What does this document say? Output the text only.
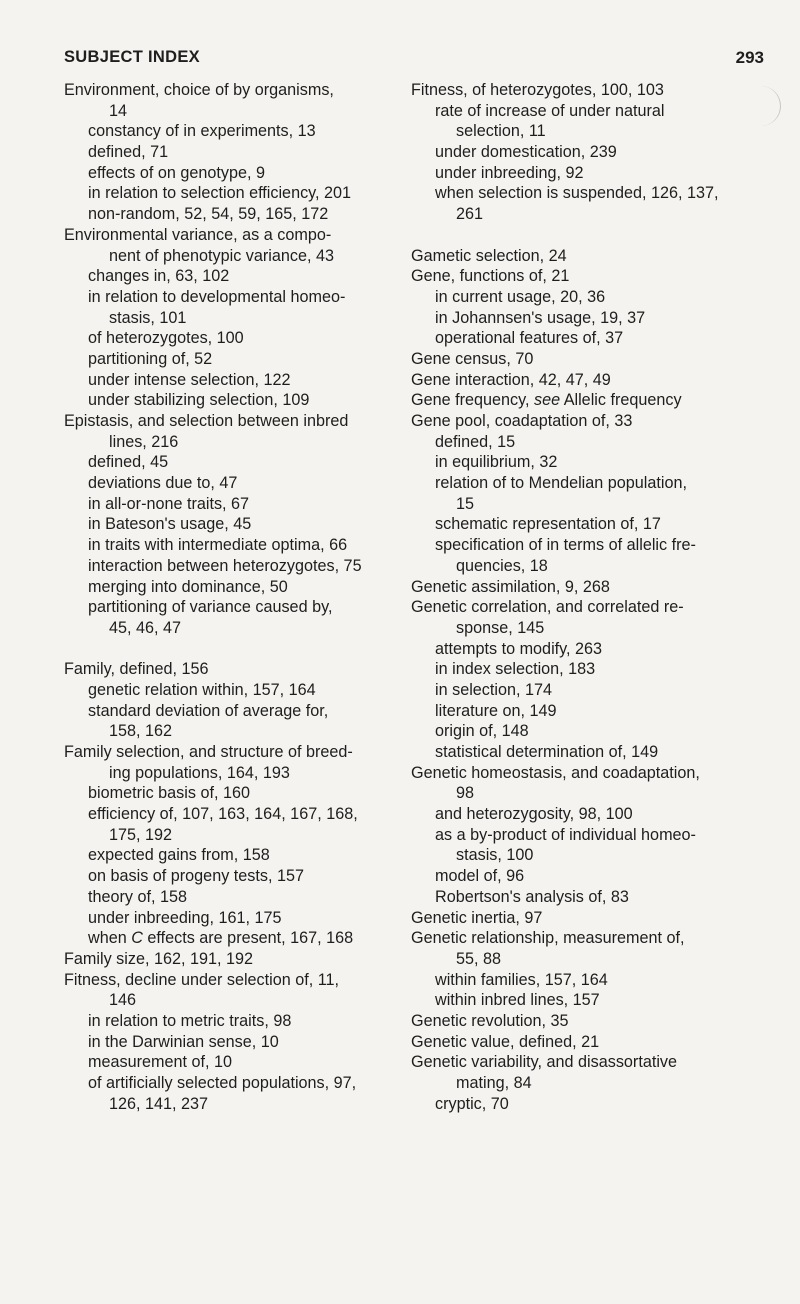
SUBJECT INDEX	293
Environment, choice of by organisms,
14
constancy of in experiments, 13
defined, 71
effects of on genotype, 9
in relation to selection efficiency, 201
non-random, 52, 54, 59, 165, 172
Environmental variance, as a compo-
nent of phenotypic variance, 43
changes in, 63, 102
in relation to developmental homeo-
stasis, 101
of heterozygotes, 100
partitioning of, 52
under intense selection, 122
under stabilizing selection, 109
Epistasis, and selection between inbred
lines, 216
defined, 45
deviations due to, 47
in all-or-none traits, 67
in Bateson's usage, 45
in traits with intermediate optima, 66
interaction between heterozygotes, 75
merging into dominance, 50
partitioning of variance caused by,
45, 46, 47
Family, defined, 156
genetic relation within, 157, 164
standard deviation of average for,
158, 162
Family selection, and structure of breed-
ing populations, 164, 193
biometric basis of, 160
efficiency of, 107, 163, 164, 167, 168,
175, 192
expected gains from, 158
on basis of progeny tests, 157
theory of, 158
under inbreeding, 161, 175
when C effects are present, 167, 168
Family size, 162, 191, 192
Fitness, decline under selection of, 11,
146
in relation to metric traits, 98
in the Darwinian sense, 10
measurement of, 10
of artificially selected populations, 97,
126, 141, 237
Fitness, of heterozygotes, 100, 103
rate of increase of under natural
selection, 11
under domestication, 239
under inbreeding, 92
when selection is suspended, 126, 137,
261
Gametic selection, 24
Gene, functions of, 21
in current usage, 20, 36
in Johannsen's usage, 19, 37
operational features of, 37
Gene census, 70
Gene interaction, 42, 47, 49
Gene frequency, see Allelic frequency
Gene pool, coadaptation of, 33
defined, 15
in equilibrium, 32
relation of to Mendelian population,
15
schematic representation of, 17
specification of in terms of allelic fre-
quencies, 18
Genetic assimilation, 9, 268
Genetic correlation, and correlated re-
sponse, 145
attempts to modify, 263
in index selection, 183
in selection, 174
literature on, 149
origin of, 148
statistical determination of, 149
Genetic homeostasis, and coadaptation,
98
and heterozygosity, 98, 100
as a by-product of individual homeo-
stasis, 100
model of, 96
Robertson's analysis of, 83
Genetic inertia, 97
Genetic relationship, measurement of,
55, 88
within families, 157, 164
within inbred lines, 157
Genetic revolution, 35
Genetic value, defined, 21
Genetic variability, and disassortative
mating, 84
cryptic, 70
